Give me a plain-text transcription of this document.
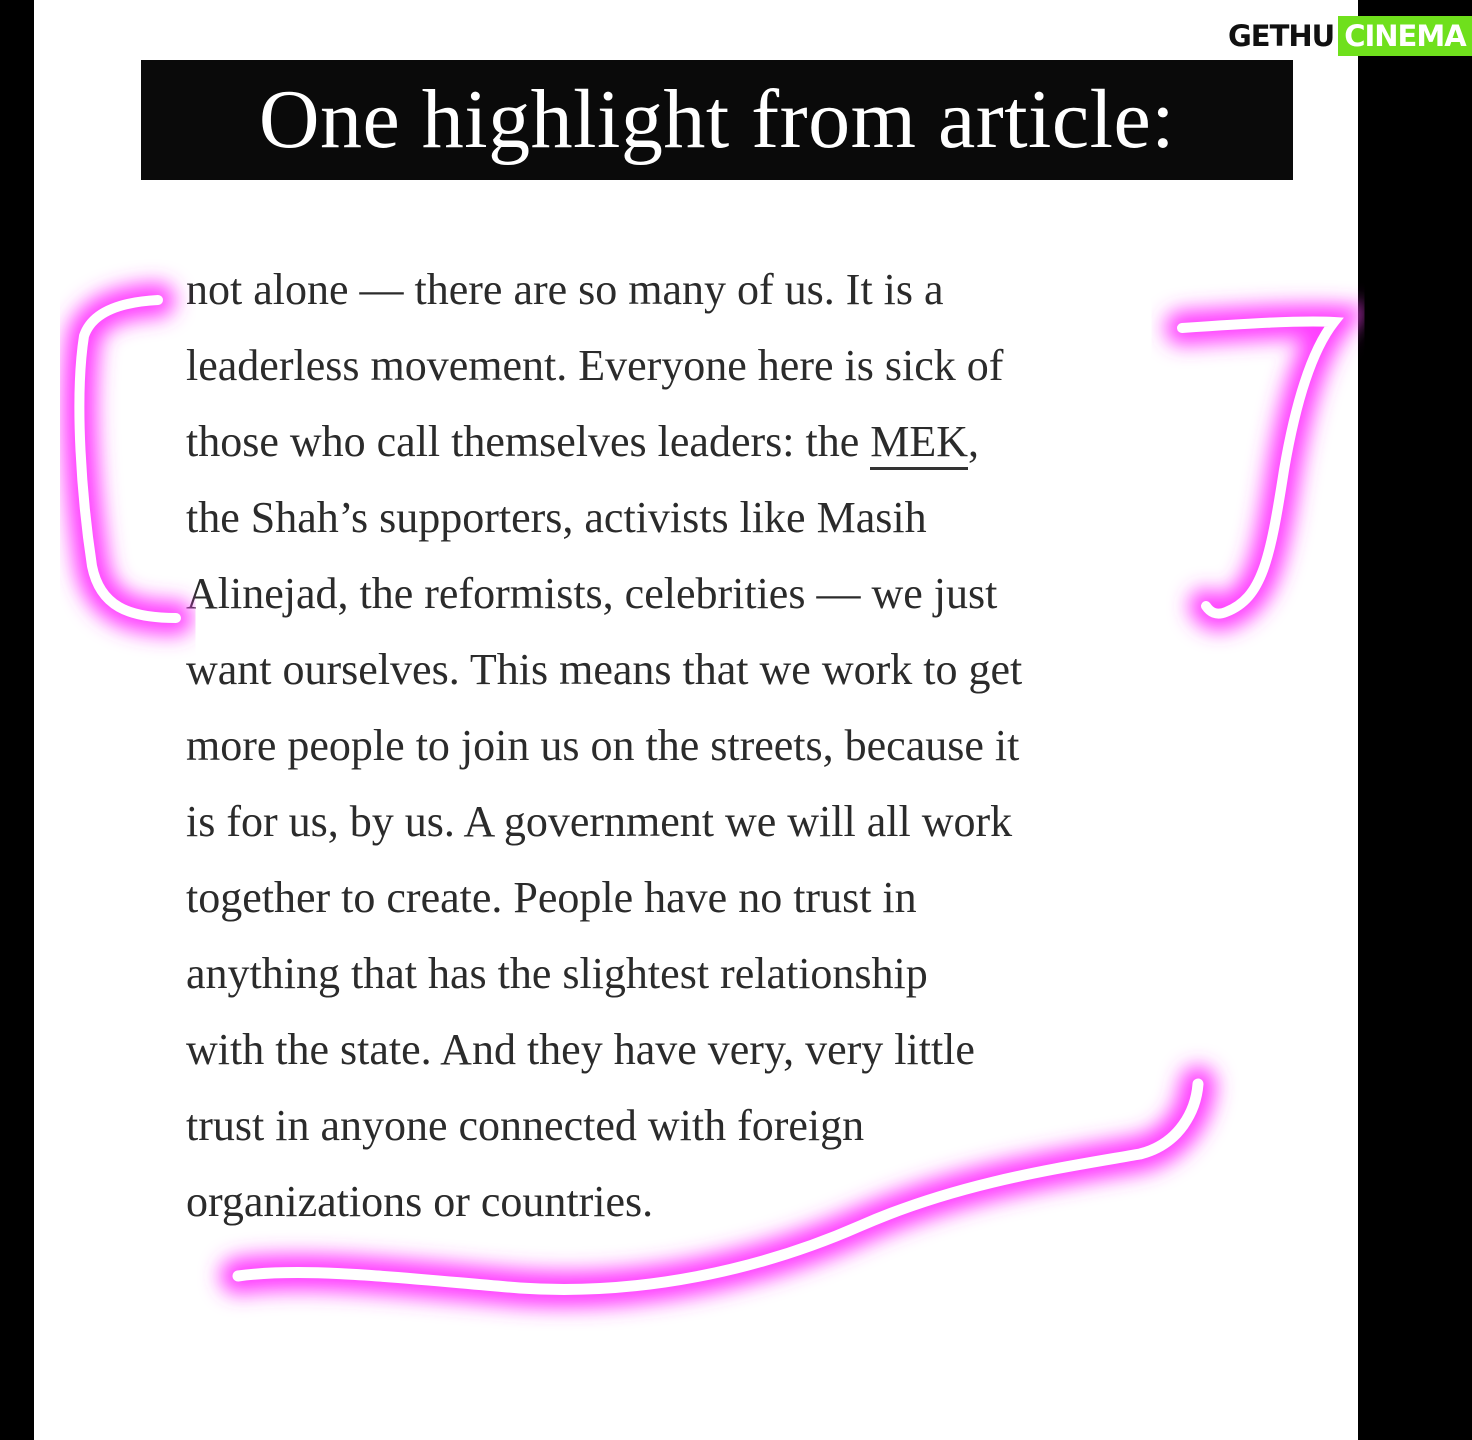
One highlight from article:
not alone — there are so many of us. It is a
leaderless movement. Everyone here is sick of
those who call themselves leaders: the MEK,
the Shah’s supporters, activists like Masih
Alinejad, the reformists, celebrities — we just
want ourselves. This means that we work to get
more people to join us on the streets, because it
is for us, by us. A government we will all work
together to create. People have no trust in
anything that has the slightest relationship
with the state. And they have very, very little
trust in anyone connected with foreign
organizations or countries.
GETHU CINEMA
